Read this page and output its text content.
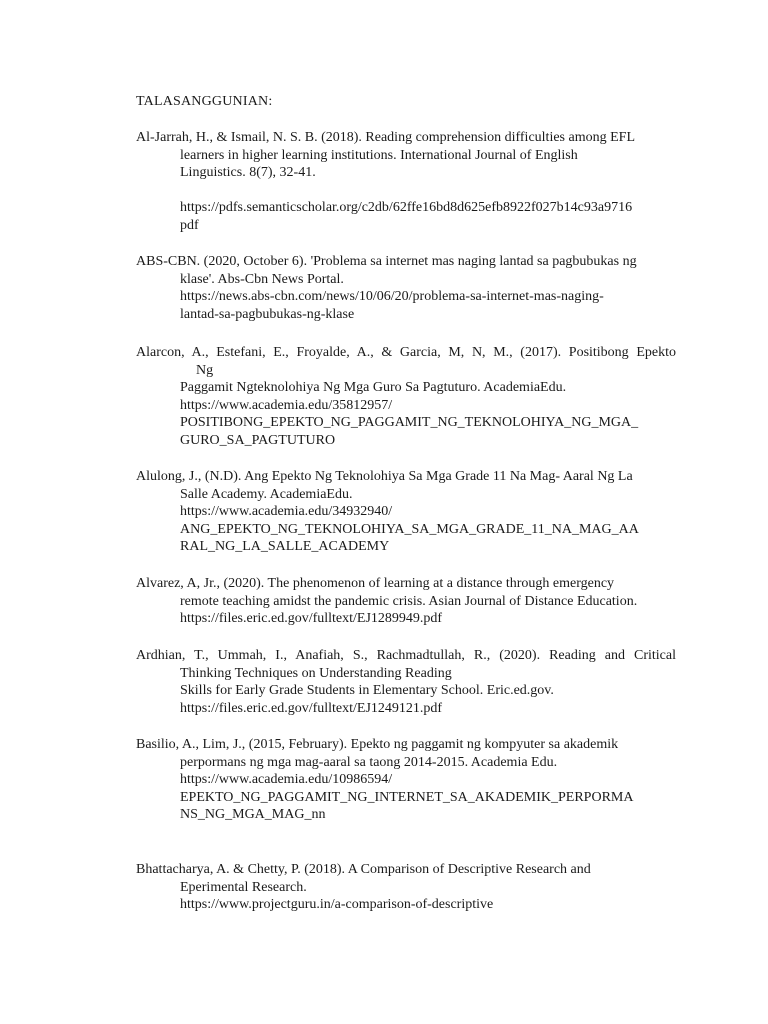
TALASANGGUNIAN:
Al-Jarrah, H., & Ismail, N. S. B. (2018). Reading comprehension difficulties among EFL
learners in higher learning institutions. International Journal of English
Linguistics. 8(7), 32-41.
https://pdfs.semanticscholar.org/c2db/62ffe16bd8d625efb8922f027b14c93a9716
pdf
ABS-CBN. (2020, October 6). 'Problema sa internet mas naging lantad sa pagbubukas ng
klase'. Abs-Cbn News Portal.
https://news.abs-cbn.com/news/10/06/20/problema-sa-internet-mas-naging-
lantad-sa-pagbubukas-ng-klase
Alarcon, A., Estefani, E., Froyalde, A., & Garcia, M, N, M., (2017). Positibong Epekto
Ng
Paggamit Ngteknolohiya Ng Mga Guro Sa Pagtuturo. AcademiaEdu.
https://www.academia.edu/35812957/
POSITIBONG_EPEKTO_NG_PAGGAMIT_NG_TEKNOLOHIYA_NG_MGA_
GURO_SA_PAGTUTURO
Alulong, J., (N.D). Ang Epekto Ng Teknolohiya Sa Mga Grade 11 Na Mag- Aaral Ng La
Salle Academy. AcademiaEdu.
https://www.academia.edu/34932940/
ANG_EPEKTO_NG_TEKNOLOHIYA_SA_MGA_GRADE_11_NA_MAG_AA
RAL_NG_LA_SALLE_ACADEMY
Alvarez, A, Jr., (2020). The phenomenon of learning at a distance through emergency
remote teaching amidst the pandemic crisis. Asian Journal of Distance Education.
https://files.eric.ed.gov/fulltext/EJ1289949.pdf
Ardhian, T., Ummah, I., Anafiah, S., Rachmadtullah, R., (2020). Reading and Critical
Thinking Techniques on Understanding Reading
Skills for Early Grade Students in Elementary School. Eric.ed.gov.
https://files.eric.ed.gov/fulltext/EJ1249121.pdf
Basilio, A., Lim, J., (2015, February). Epekto ng paggamit ng kompyuter sa akademik
perpormans ng mga mag-aaral sa taong 2014-2015. Academia Edu.
https://www.academia.edu/10986594/
EPEKTO_NG_PAGGAMIT_NG_INTERNET_SA_AKADEMIK_PERPORMA
NS_NG_MGA_MAG_nn
Bhattacharya, A. & Chetty, P. (2018). A Comparison of Descriptive Research and
Eperimental Research.
https://www.projectguru.in/a-comparison-of-descriptive
